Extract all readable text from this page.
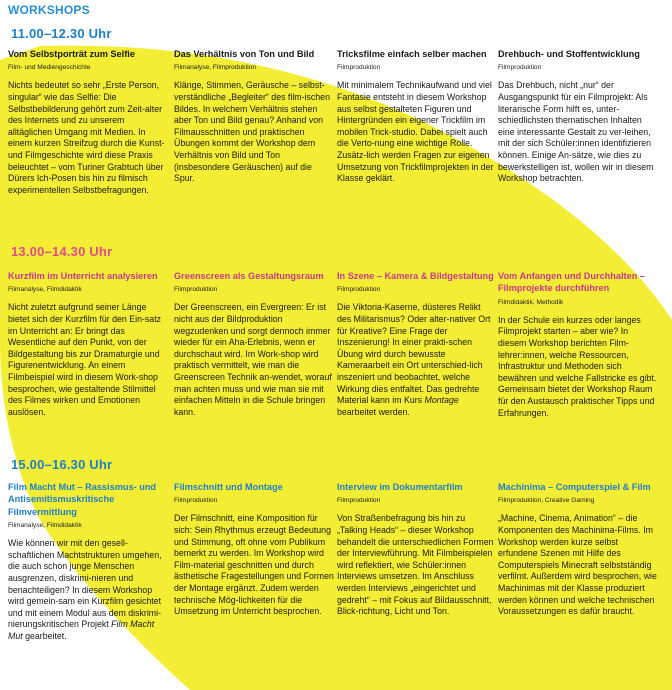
WORKSHOPS
11.00–12.30 Uhr

Vom Selbstporträt zum Selfie

Film- und Mediengeschichte

Nichts bedeutet so sehr „Erste Person, singular“ wie das Selfie: Die Selbstbebilderung gehört zum Zeit-alter des Internets und zu unserem alltäglichen Umgang mit Medien. In einem kurzen Streifzug durch die Kunst- und Filmgeschichte wird diese Praxis beleuchtet – vom Turiner Grabtuch über Dürers Ich-Posen bis hin zu filmisch experimentellen Selbstbefragungen.

Das Verhältnis von Ton und Bild

Filmanalyse, Filmproduktion

Klänge, Stimmen, Geräusche – selbst-verständliche „Begleiter“ des film-ischen Bildes. In welchem Verhältnis stehen aber Ton und Bild genau? Anhand von Filmausschnitten und praktischen Übungen kommt der Workshop dem Verhältnis von Bild und Ton (insbesondere Geräuschen) auf die Spur.

Tricksfilme einfach selber machen

Filmproduktion

Mit minimalem Technikaufwand und viel Fantasie entsteht in diesem Workshop aus selbst gestalteten Figuren und Hintergründen ein eigener Trickfilm im mobilen Trick-studio. Dabei spielt auch die Verto-nung eine wichtige Rolle. Zusätz-lich werden Fragen zur eigenen Umsetzung von Trickfilmprojekten in der Klasse geklärt.

Drehbuch- und Stoffentwicklung

Filmproduktion

Das Drehbuch, nicht „nur“ der Ausgangspunkt für ein Filmprojekt: Als literarische Form hilft es, unter-schiedlichsten thematischen Inhalten eine interessante Gestalt zu ver-leihen, mit der sich Schüler:innen identifizieren können. Einige An-sätze, wie dies zu bewerkstelligen ist, wollen wir in diesem Workshop betrachten.

13.00–14.30 Uhr

Kurzfilm im Unterricht analysieren

Filmanalyse, Filmdidaktik

Nicht zuletzt aufgrund seiner Länge bietet sich der Kurzfilm für den Ein-satz im Unterricht an: Er bringt das Wesentliche auf den Punkt, von der Bildgestaltung bis zur Dramaturgie und Figurenentwicklung. An einem Filmbeispiel wird in diesem Work-shop besprochen, wie gestaltende Stilmittel des Filmes wirken und Emotionen auslösen.

Greenscreen als Gestaltungsraum

Filmproduktion

Der Greenscreen, ein Evergreen: Er ist nicht aus der Bildproduktion wegzudenken und sorgt dennoch immer wieder für ein Aha-Erlebnis, wenn er durchschaut wird. Im Work-shop wird praktisch vermittelt, wie man die Greenscreen Technik an-wendet, worauf man achten muss und wie man sie mit einfachen Mitteln in die Schule bringen kann.

In Szene – Kamera & Bildgestaltung

Filmproduktion

Die Viktoria-Kaserne, düsteres Relikt des Militarismus? Oder alter-nativer Ort für Kreative? Eine Frage der Inszenierung! In einer prakti-schen Übung wird durch bewusste Kameraarbeit ein Ort unterschied-lich inszeniert und beobachtet, welche Wirkung dies entfaltet. Das gedrehte Material kann im Kurs Montage bearbeitet werden.

Vom Anfangen und Durchhalten – Filmprojekte durchführen

Filmdidaktik, Methodik

In der Schule ein kurzes oder langes Filmprojekt starten – aber wie? In diesem Workshop berichten Film-lehrer:innen, welche Ressourcen, Infrastruktur und Methoden sich bewähren und welche Fallstricke es gibt. Gemeinsam bietet der Workshop Raum für den Austausch praktischer Tipps und Erfahrungen.

15.00–16.30 Uhr

Film Macht Mut – Rassismus- und Antisemitismuskritische Filmvermittlung

Filmanalyse, Filmdidaktik

Wie können wir mit den gesell-schaftlichen Machtstrukturen umgehen, die auch schon junge Menschen ausgrenzen, diskrimi-nieren und benachteiligen? In diesem Workshop wird gemein-sam ein Kurzfilm gesichtet und mit einem Modul aus dem diskrimi-nierungskritischen Projekt Film Macht Mut gearbeitet.

Filmschnitt und Montage

Filmproduktion

Der Filmschnitt, eine Komposition für sich: Sein Rhythmus erzeugt Bedeutung und Stimmung, oft ohne vom Publikum bemerkt zu werden. Im Workshop wird Film-material geschnitten und durch ästhetische Fragestellungen und Formen der Montage ergänzt. Zudem werden technische Mög-lichkeiten für die Umsetzung im Unterricht besprochen.

Interview im Dokumentarfilm

Filmproduktion

Von Straßenbefragung bis hin zu „Talking Heads“ – dieser Workshop behandelt die unterschiedlichen Formen der Interviewführung. Mit Filmbeispielen wird reflektiert, wie Schüler:innen Interviews umsetzen. Im Anschluss werden Interviews „eingerichtet und gedreht“ – mit Fokus auf Bildausschnitt, Blick-richtung, Licht und Ton.

Machinima – Computerspiel & Film

Filmproduktion, Creative Gaming

„Machine, Cinema, Animation“ – die Komponenten des Machinima-Films. Im Workshop werden kurze selbst erfundene Szenen mit Hilfe des Computerspiels Minecraft selbstständig verfilmt. Außerdem wird besprochen, wie Machinimas mit der Klasse produziert werden können und welche technischen Voraussetzungen es dafür braucht.
